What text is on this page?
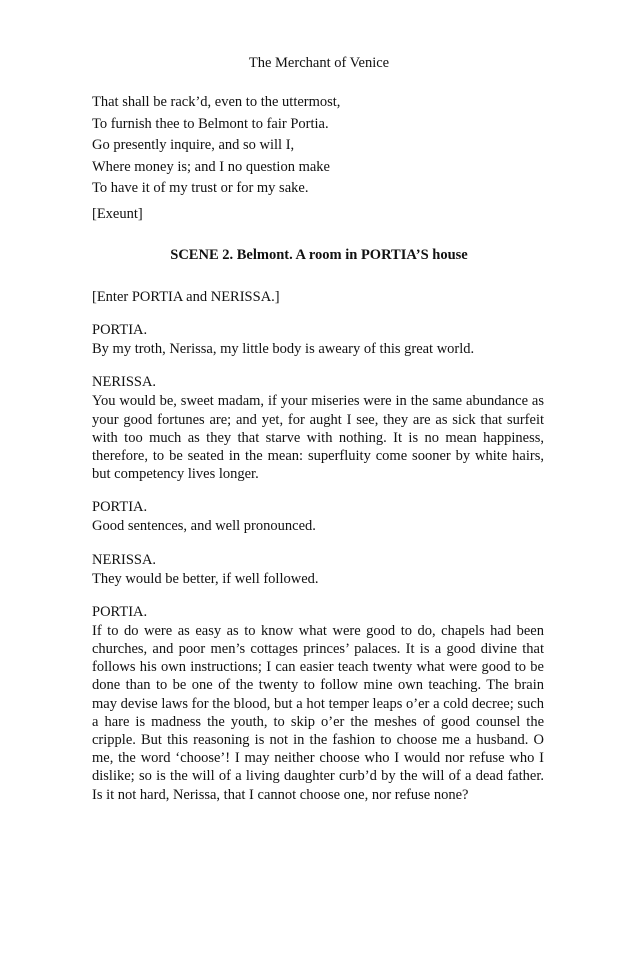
The Merchant of Venice
That shall be rack’d, even to the uttermost,
To furnish thee to Belmont to fair Portia.
Go presently inquire, and so will I,
Where money is; and I no question make
To have it of my trust or for my sake.
[Exeunt]
SCENE 2. Belmont. A room in PORTIA’S house

[Enter PORTIA and NERISSA.]

PORTIA.

By my troth, Nerissa, my little body is aweary of this great world.

NERISSA.

You would be, sweet madam, if your miseries were in the same abundance as your good fortunes are; and yet, for aught I see, they are as sick that surfeit with too much as they that starve with nothing. It is no mean happiness, therefore, to be seated in the mean: superfluity come sooner by white hairs, but competency lives longer.

PORTIA.

Good sentences, and well pronounced.

NERISSA.

They would be better, if well followed.

PORTIA.

If to do were as easy as to know what were good to do, chapels had been churches, and poor men’s cottages princes’ palaces. It is a good divine that follows his own instructions; I can easier teach twenty what were good to be done than to be one of the twenty to follow mine own teaching. The brain may devise laws for the blood, but a hot temper leaps o’er a cold decree; such a hare is madness the youth, to skip o’er the meshes of good counsel the cripple. But this reasoning is not in the fashion to choose me a husband. O me, the word ‘choose’! I may neither choose who I would nor refuse who I dislike; so is the will of a living daughter curb’d by the will of a dead father. Is it not hard, Nerissa, that I cannot choose one, nor refuse none?
